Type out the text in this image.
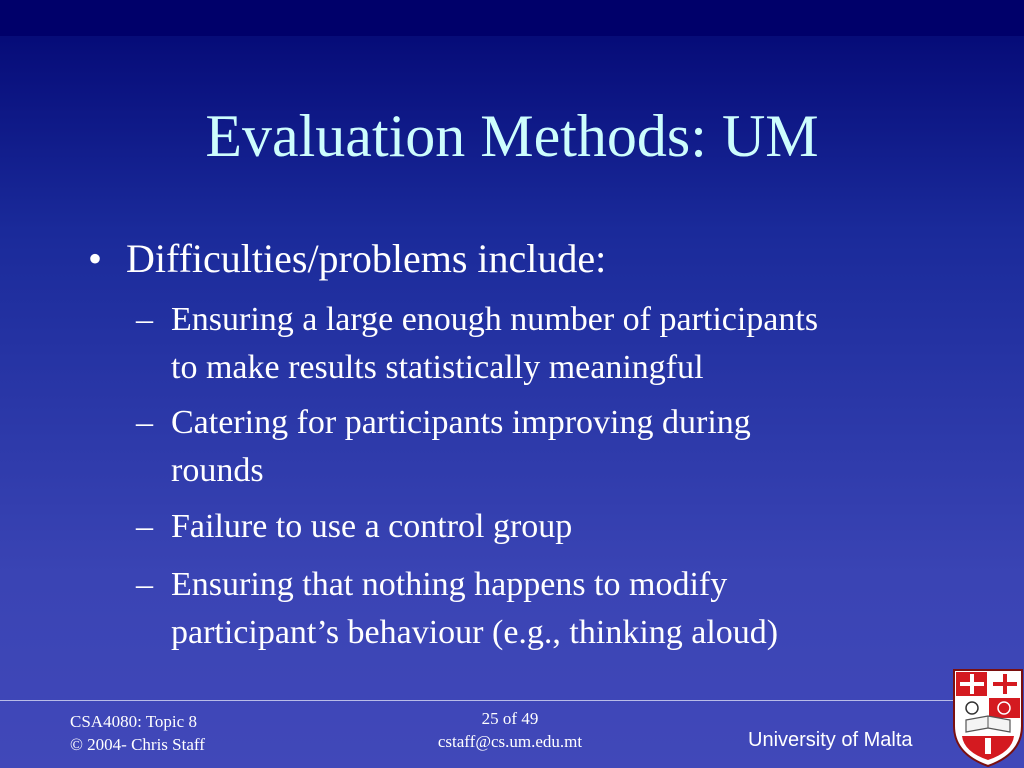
Evaluation Methods: UM
• Difficulties/problems include:
– Ensuring a large enough number of participants
to make results statistically meaningful
– Catering for participants improving during
rounds
– Failure to use a control group
– Ensuring that nothing happens to modify
participant’s behaviour (e.g., thinking aloud)
CSA4080: Topic 8
© 2004- Chris Staff
25 of 49
cstaff@cs.um.edu.mt	University of Malta
